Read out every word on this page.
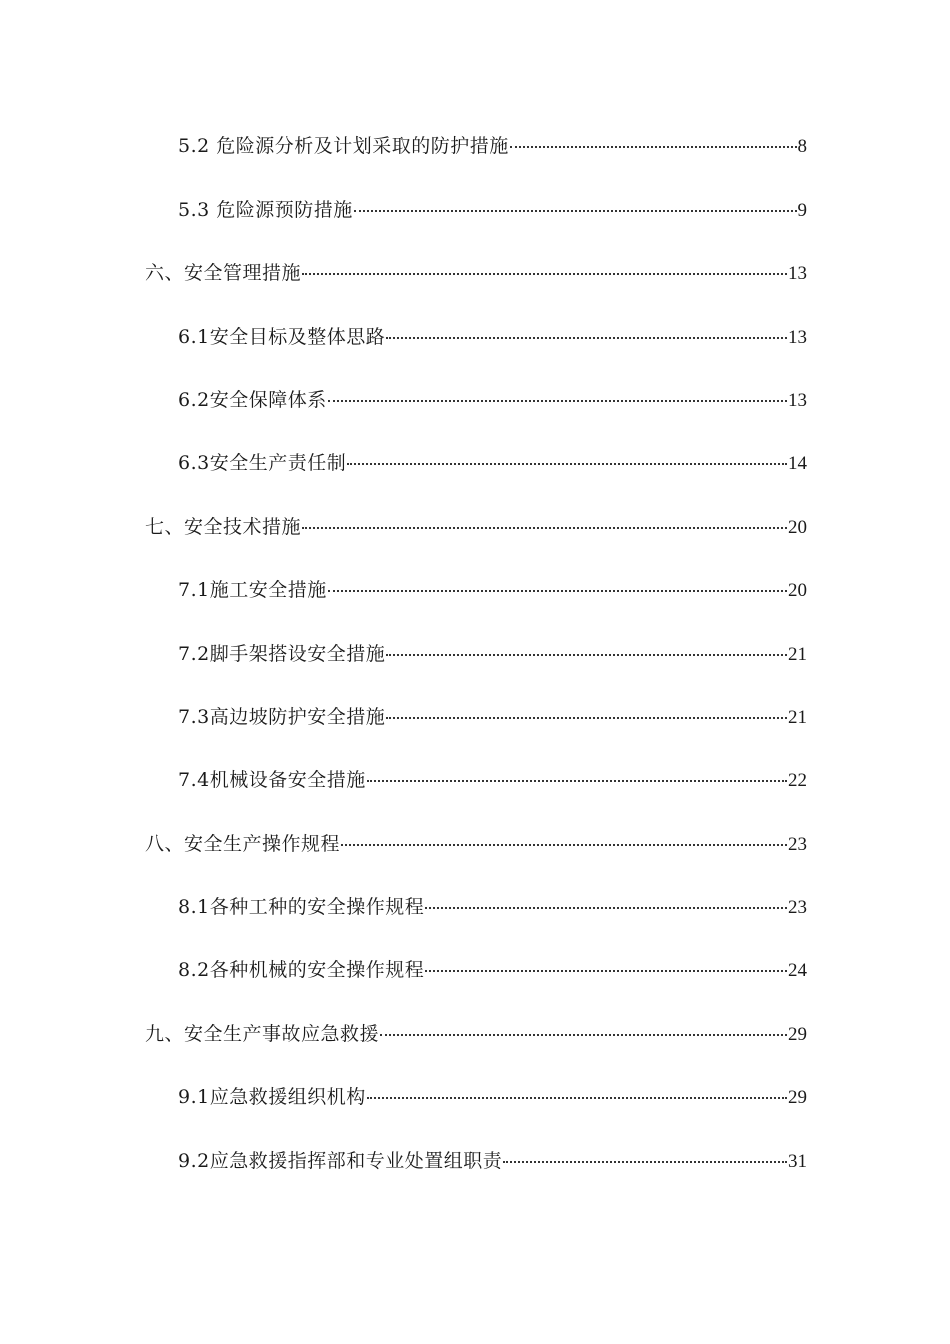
5.2 危险源分析及计划采取的防护措施	8
5.3 危险源预防措施	9
六、安全管理措施	13
6.1安全目标及整体思路	13
6.2安全保障体系	13
6.3安全生产责任制	14
七、安全技术措施	20
7.1施工安全措施	20
7.2脚手架搭设安全措施	21
7.3高边坡防护安全措施	21
7.4机械设备安全措施	22
八、安全生产操作规程	23
8.1各种工种的安全操作规程	23
8.2各种机械的安全操作规程	24
九、安全生产事故应急救援	29
9.1应急救援组织机构	29
9.2应急救援指挥部和专业处置组职责	31
